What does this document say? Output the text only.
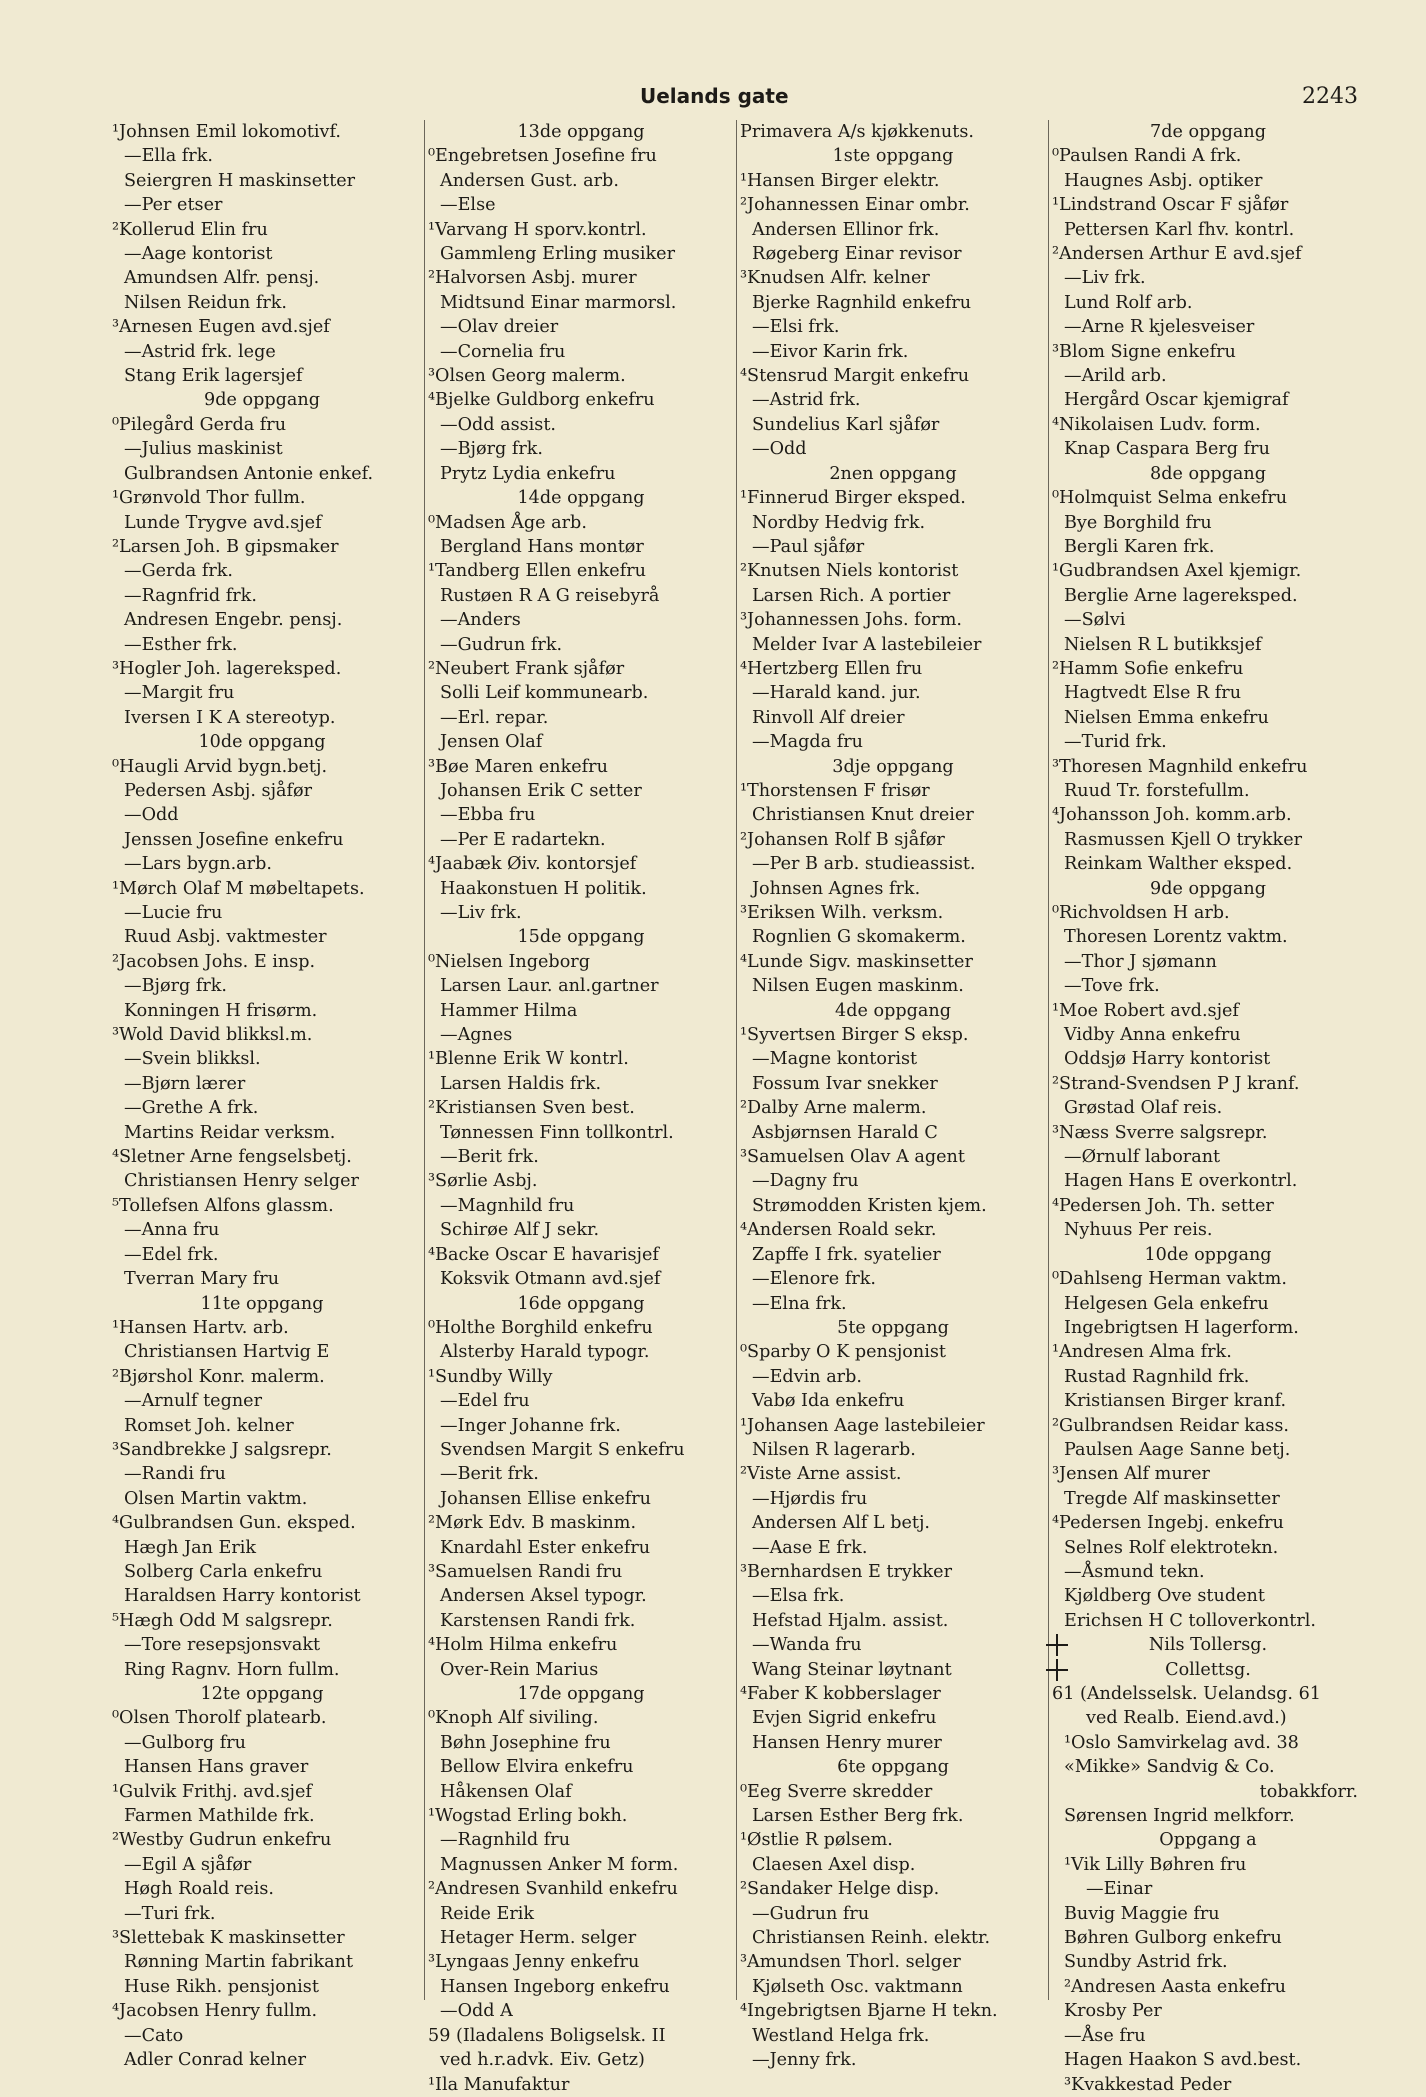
Uelands gate	2243
¹Johnsen Emil lokomotivf.
—Ella frk.
Seiergren H maskinsetter
—Per etser
²Kollerud Elin fru
—Aage kontorist
Amundsen Alfr. pensj.
Nilsen Reidun frk.
³Arnesen Eugen avd.sjef
—Astrid frk. lege
Stang Erik lagersjef
9de oppgang
⁰Pilegård Gerda fru
—Julius maskinist
Gulbrandsen Antonie enkef.
¹Grønvold Thor fullm.
Lunde Trygve avd.sjef
²Larsen Joh. B gipsmaker
—Gerda frk.
—Ragnfrid frk.
Andresen Engebr. pensj.
—Esther frk.
³Hogler Joh. lagereksped.
—Margit fru
Iversen I K A stereotyp.
10de oppgang
⁰Haugli Arvid bygn.betj.
Pedersen Asbj. sjåfør
—Odd
Jenssen Josefine enkefru
—Lars bygn.arb.
¹Mørch Olaf M møbeltapets.
—Lucie fru
Ruud Asbj. vaktmester
²Jacobsen Johs. E insp.
—Bjørg frk.
Konningen H frisørm.
³Wold David blikksl.m.
—Svein blikksl.
—Bjørn lærer
—Grethe A frk.
Martins Reidar verksm.
⁴Sletner Arne fengselsbetj.
Christiansen Henry selger
⁵Tollefsen Alfons glassm.
—Anna fru
—Edel frk.
Tverran Mary fru
11te oppgang
¹Hansen Hartv. arb.
Christiansen Hartvig E
²Bjørshol Konr. malerm.
—Arnulf tegner
Romset Joh. kelner
³Sandbrekke J salgsrepr.
—Randi fru
Olsen Martin vaktm.
⁴Gulbrandsen Gun. eksped.
Hægh Jan Erik
Solberg Carla enkefru
Haraldsen Harry kontorist
⁵Hægh Odd M salgsrepr.
—Tore resepsjonsvakt
Ring Ragnv. Horn fullm.
12te oppgang
⁰Olsen Thorolf platearb.
—Gulborg fru
Hansen Hans graver
¹Gulvik Frithj. avd.sjef
Farmen Mathilde frk.
²Westby Gudrun enkefru
—Egil A sjåfør
Høgh Roald reis.
—Turi frk.
³Slettebak K maskinsetter
Rønning Martin fabrikant
Huse Rikh. pensjonist
⁴Jacobsen Henry fullm.
—Cato
Adler Conrad kelner
13de oppgang
⁰Engebretsen Josefine fru
Andersen Gust. arb.
—Else
¹Varvang H sporv.kontrl.
Gammleng Erling musiker
²Halvorsen Asbj. murer
Midtsund Einar marmorsl.
—Olav dreier
—Cornelia fru
³Olsen Georg malerm.
⁴Bjelke Guldborg enkefru
—Odd assist.
—Bjørg frk.
Prytz Lydia enkefru
14de oppgang
⁰Madsen Åge arb.
Bergland Hans montør
¹Tandberg Ellen enkefru
Rustøen R A G reisebyrå
—Anders
—Gudrun frk.
²Neubert Frank sjåfør
Solli Leif kommunearb.
—Erl. repar.
Jensen Olaf
³Bøe Maren enkefru
Johansen Erik C setter
—Ebba fru
—Per E radartekn.
⁴Jaabæk Øiv. kontorsjef
Haakonstuen H politik.
—Liv frk.
15de oppgang
⁰Nielsen Ingeborg
Larsen Laur. anl.gartner
Hammer Hilma
—Agnes
¹Blenne Erik W kontrl.
Larsen Haldis frk.
²Kristiansen Sven best.
Tønnessen Finn tollkontrl.
—Berit frk.
³Sørlie Asbj.
—Magnhild fru
Schirøe Alf J sekr.
⁴Backe Oscar E havarisjef
Koksvik Otmann avd.sjef
16de oppgang
⁰Holthe Borghild enkefru
Alsterby Harald typogr.
¹Sundby Willy
—Edel fru
—Inger Johanne frk.
Svendsen Margit S enkefru
—Berit frk.
Johansen Ellise enkefru
²Mørk Edv. B maskinm.
Knardahl Ester enkefru
³Samuelsen Randi fru
Andersen Aksel typogr.
Karstensen Randi frk.
⁴Holm Hilma enkefru
Over-Rein Marius
17de oppgang
⁰Knoph Alf siviling.
Bøhn Josephine fru
Bellow Elvira enkefru
Håkensen Olaf
¹Wogstad Erling bokh.
—Ragnhild fru
Magnussen Anker M form.
²Andresen Svanhild enkefru
Reide Erik
Hetager Herm. selger
³Lyngaas Jenny enkefru
Hansen Ingeborg enkefru
—Odd A
59 (Iladalens Boligselsk. II
ved h.r.advk. Eiv. Getz)
¹Ila Manufaktur
Primavera A/s kjøkkenuts.
1ste oppgang
¹Hansen Birger elektr.
²Johannessen Einar ombr.
Andersen Ellinor frk.
Røgeberg Einar revisor
³Knudsen Alfr. kelner
Bjerke Ragnhild enkefru
—Elsi frk.
—Eivor Karin frk.
⁴Stensrud Margit enkefru
—Astrid frk.
Sundelius Karl sjåfør
—Odd
2nen oppgang
¹Finnerud Birger eksped.
Nordby Hedvig frk.
—Paul sjåfør
²Knutsen Niels kontorist
Larsen Rich. A portier
³Johannessen Johs. form.
Melder Ivar A lastebileier
⁴Hertzberg Ellen fru
—Harald kand. jur.
Rinvoll Alf dreier
—Magda fru
3dje oppgang
¹Thorstensen F frisør
Christiansen Knut dreier
²Johansen Rolf B sjåfør
—Per B arb. studieassist.
Johnsen Agnes frk.
³Eriksen Wilh. verksm.
Rognlien G skomakerm.
⁴Lunde Sigv. maskinsetter
Nilsen Eugen maskinm.
4de oppgang
¹Syvertsen Birger S eksp.
—Magne kontorist
Fossum Ivar snekker
²Dalby Arne malerm.
Asbjørnsen Harald C
³Samuelsen Olav A agent
—Dagny fru
Strømodden Kristen kjem.
⁴Andersen Roald sekr.
Zapffe I frk. syatelier
—Elenore frk.
—Elna frk.
5te oppgang
⁰Sparby O K pensjonist
—Edvin arb.
Vabø Ida enkefru
¹Johansen Aage lastebileier
Nilsen R lagerarb.
²Viste Arne assist.
—Hjørdis fru
Andersen Alf L betj.
—Aase E frk.
³Bernhardsen E trykker
—Elsa frk.
Hefstad Hjalm. assist.
—Wanda fru
Wang Steinar løytnant
⁴Faber K kobberslager
Evjen Sigrid enkefru
Hansen Henry murer
6te oppgang
⁰Eeg Sverre skredder
Larsen Esther Berg frk.
¹Østlie R pølsem.
Claesen Axel disp.
²Sandaker Helge disp.
—Gudrun fru
Christiansen Reinh. elektr.
³Amundsen Thorl. selger
Kjølseth Osc. vaktmann
⁴Ingebrigtsen Bjarne H tekn.
Westland Helga frk.
—Jenny frk.
7de oppgang
⁰Paulsen Randi A frk.
Haugnes Asbj. optiker
¹Lindstrand Oscar F sjåfør
Pettersen Karl fhv. kontrl.
²Andersen Arthur E avd.sjef
—Liv frk.
Lund Rolf arb.
—Arne R kjelesveiser
³Blom Signe enkefru
—Arild arb.
Hergård Oscar kjemigraf
⁴Nikolaisen Ludv. form.
Knap Caspara Berg fru
8de oppgang
⁰Holmquist Selma enkefru
Bye Borghild fru
Bergli Karen frk.
¹Gudbrandsen Axel kjemigr.
Berglie Arne lagereksped.
—Sølvi
Nielsen R L butikksjef
²Hamm Sofie enkefru
Hagtvedt Else R fru
Nielsen Emma enkefru
—Turid frk.
³Thoresen Magnhild enkefru
Ruud Tr. forstefullm.
⁴Johansson Joh. komm.arb.
Rasmussen Kjell O trykker
Reinkam Walther eksped.
9de oppgang
⁰Richvoldsen H arb.
Thoresen Lorentz vaktm.
—Thor J sjømann
—Tove frk.
¹Moe Robert avd.sjef
Vidby Anna enkefru
Oddsjø Harry kontorist
²Strand-Svendsen P J kranf.
Grøstad Olaf reis.
³Næss Sverre salgsrepr.
—Ørnulf laborant
Hagen Hans E overkontrl.
⁴Pedersen Joh. Th. setter
Nyhuus Per reis.
10de oppgang
⁰Dahlseng Herman vaktm.
Helgesen Gela enkefru
Ingebrigtsen H lagerform.
¹Andresen Alma frk.
Rustad Ragnhild frk.
Kristiansen Birger kranf.
²Gulbrandsen Reidar kass.
Paulsen Aage Sanne betj.
³Jensen Alf murer
Tregde Alf maskinsetter
⁴Pedersen Ingebj. enkefru
Selnes Rolf elektrotekn.
—Åsmund tekn.
Kjøldberg Ove student
Erichsen H C tolloverkontrl.
Nils Tollersg.
Collettsg.
61 (Andelsselsk. Uelandsg. 61
ved Realb. Eiend.avd.)
¹Oslo Samvirkelag avd. 38
«Mikke» Sandvig & Co.
tobakkforr.
Sørensen Ingrid melkforr.
Oppgang a
¹Vik Lilly Bøhren fru
—Einar
Buvig Maggie fru
Bøhren Gulborg enkefru
Sundby Astrid frk.
²Andresen Aasta enkefru
Krosby Per
—Åse fru
Hagen Haakon S avd.best.
³Kvakkestad Peder
